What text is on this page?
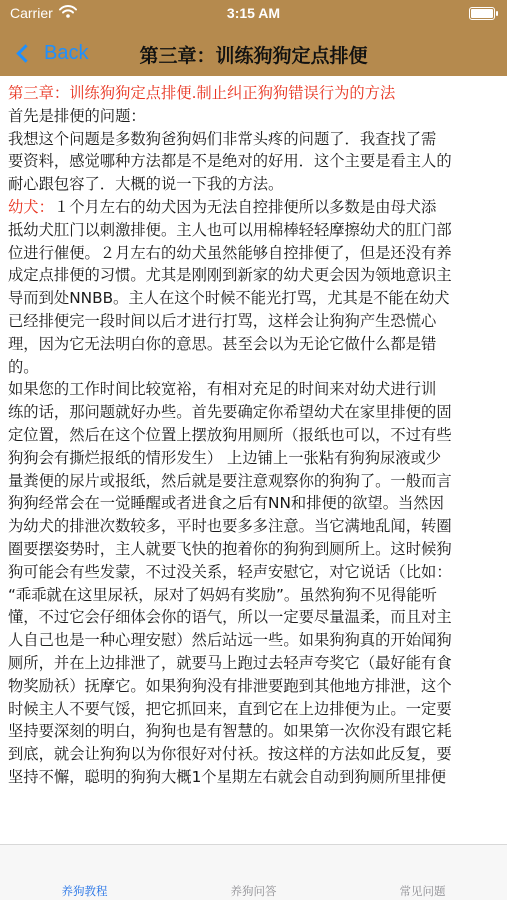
Carrier	3:15 AM
Back	第三章：训练狗狗定点排便
第三章：训练狗狗定点排便.制止纠正狗狗错误行为的方法
首先是排便的问题：
我想这个问题是多数狗爸狗妈们非常头疼的问题了．我查找了需
要资料，感觉哪种方法都是不是绝对的好用．这个主要是看主人的
耐心跟包容了．大概的说一下我的方法。
幼犬：１个月左右的幼犬因为无法自控排便所以多数是由母犬添
抵幼犬肛门以刺激排便。主人也可以用棉棒轻轻摩擦幼犬的肛门部
位进行催便。２月左右的幼犬虽然能够自控排便了，但是还没有养
成定点排便的习惯。尤其是刚刚到新家的幼犬更会因为领地意识主
导而到处NNBB。主人在这个时候不能光打骂，尤其是不能在幼犬
已经排便完一段时间以后才进行打骂，这样会让狗狗产生恐慌心
理，因为它无法明白你的意思。甚至会以为无论它做什么都是错
的。
如果您的工作时间比较宽裕，有相对充足的时间来对幼犬进行训
练的话，那问题就好办些。首先要确定你希望幼犬在家里排便的固
定位置，然后在这个位置上摆放狗用厕所（报纸也可以，不过有些
狗狗会有撕烂报纸的情形发生） 上边铺上一张粘有狗狗尿液或少
量粪便的尿片或报纸，然后就是要注意观察你的狗狗了。一般而言
狗狗经常会在一觉睡醒或者进食之后有NN和排便的欲望。当然因
为幼犬的排泄次数较多，平时也要多多注意。当它满地乱闻，转圈
圈要摆姿势时，主人就要飞快的抱着你的狗狗到厕所上。这时候狗
狗可能会有些发蒙，不过没关系，轻声安慰它，对它说话（比如：
“乖乖就在这里尿袄，尿对了妈妈有奖励”。虽然狗狗不见得能听
懂，不过它会仔细体会你的语气，所以一定要尽量温柔，而且对主
人自己也是一种心理安慰）然后站远一些。如果狗狗真的开始闻狗
厕所，并在上边排泄了，就要马上跑过去轻声夸奖它（最好能有食
物奖励袄）抚摩它。如果狗狗没有排泄要跑到其他地方排泄，这个
时候主人不要气馁，把它抓回来，直到它在上边排便为止。一定要
坚持要深刻的明白，狗狗也是有智慧的。如果第一次你没有跟它耗
到底，就会让狗狗以为你很好对付袄。按这样的方法如此反复，要
坚持不懈，聪明的狗狗大概1个星期左右就会自动到狗厕所里排便
养狗教程	养狗问答	常见问题
